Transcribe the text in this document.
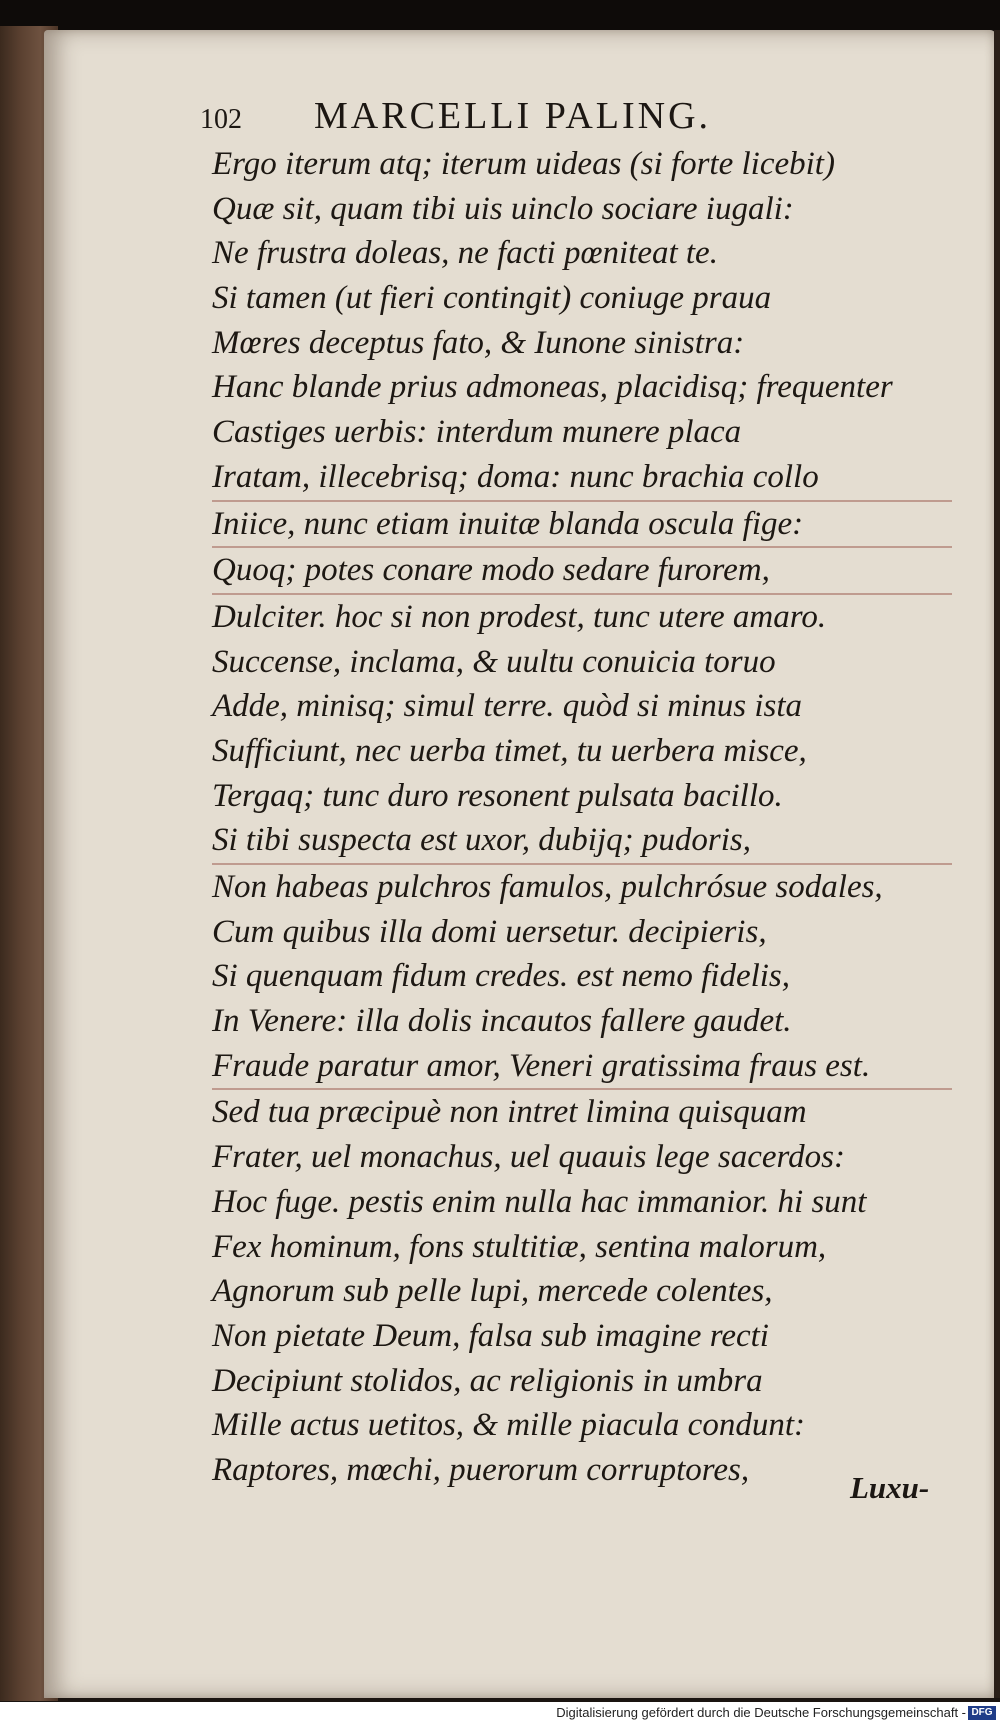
102 MARCELLI PALING.
Ergo iterum atq; iterum uideas (si forte licebit)
Quæ sit, quam tibi uis uinclo sociare iugali:
Ne frustra doleas, ne facti pœniteat te.
Si tamen (ut fieri contingit) coniuge praua
Mœres deceptus fato, & Iunone sinistra:
Hanc blande prius admoneas, placidisq; frequenter
Castiges uerbis: interdum munere placa
Iratam, illecebrisq; doma: nunc brachia collo
Iniice, nunc etiam inuitæ blanda oscula fige:
Quoq; potes conare modo sedare furorem,
Dulciter. hoc si non prodest, tunc utere amaro.
Succense, inclama, & uultu conuicia toruo
Adde, minisq; simul terre. quòd si minus ista
Sufficiunt, nec uerba timet, tu uerbera misce,
Tergaq; tunc duro resonent pulsata bacillo.
Si tibi suspecta est uxor, dubijq; pudoris,
Non habeas pulchros famulos, pulchrósue sodales,
Cum quibus illa domi uersetur. decipieris,
Si quenquam fidum credes. est nemo fidelis,
In Venere: illa dolis incautos fallere gaudet.
Fraude paratur amor, Veneri gratissima fraus est.
Sed tua præcipuè non intret limina quisquam
Frater, uel monachus, uel quauis lege sacerdos:
Hoc fuge. pestis enim nulla hac immanior. hi sunt
Fex hominum, fons stultitiæ, sentina malorum,
Agnorum sub pelle lupi, mercede colentes,
Non pietate Deum, falsa sub imagine recti
Decipiunt stolidos, ac religionis in umbra
Mille actus uetitos, & mille piacula condunt:
Raptores, mœchi, puerorum corruptores,	Luxu-
Digitalisierung gefördert durch die Deutsche Forschungsgemeinschaft - DFG
